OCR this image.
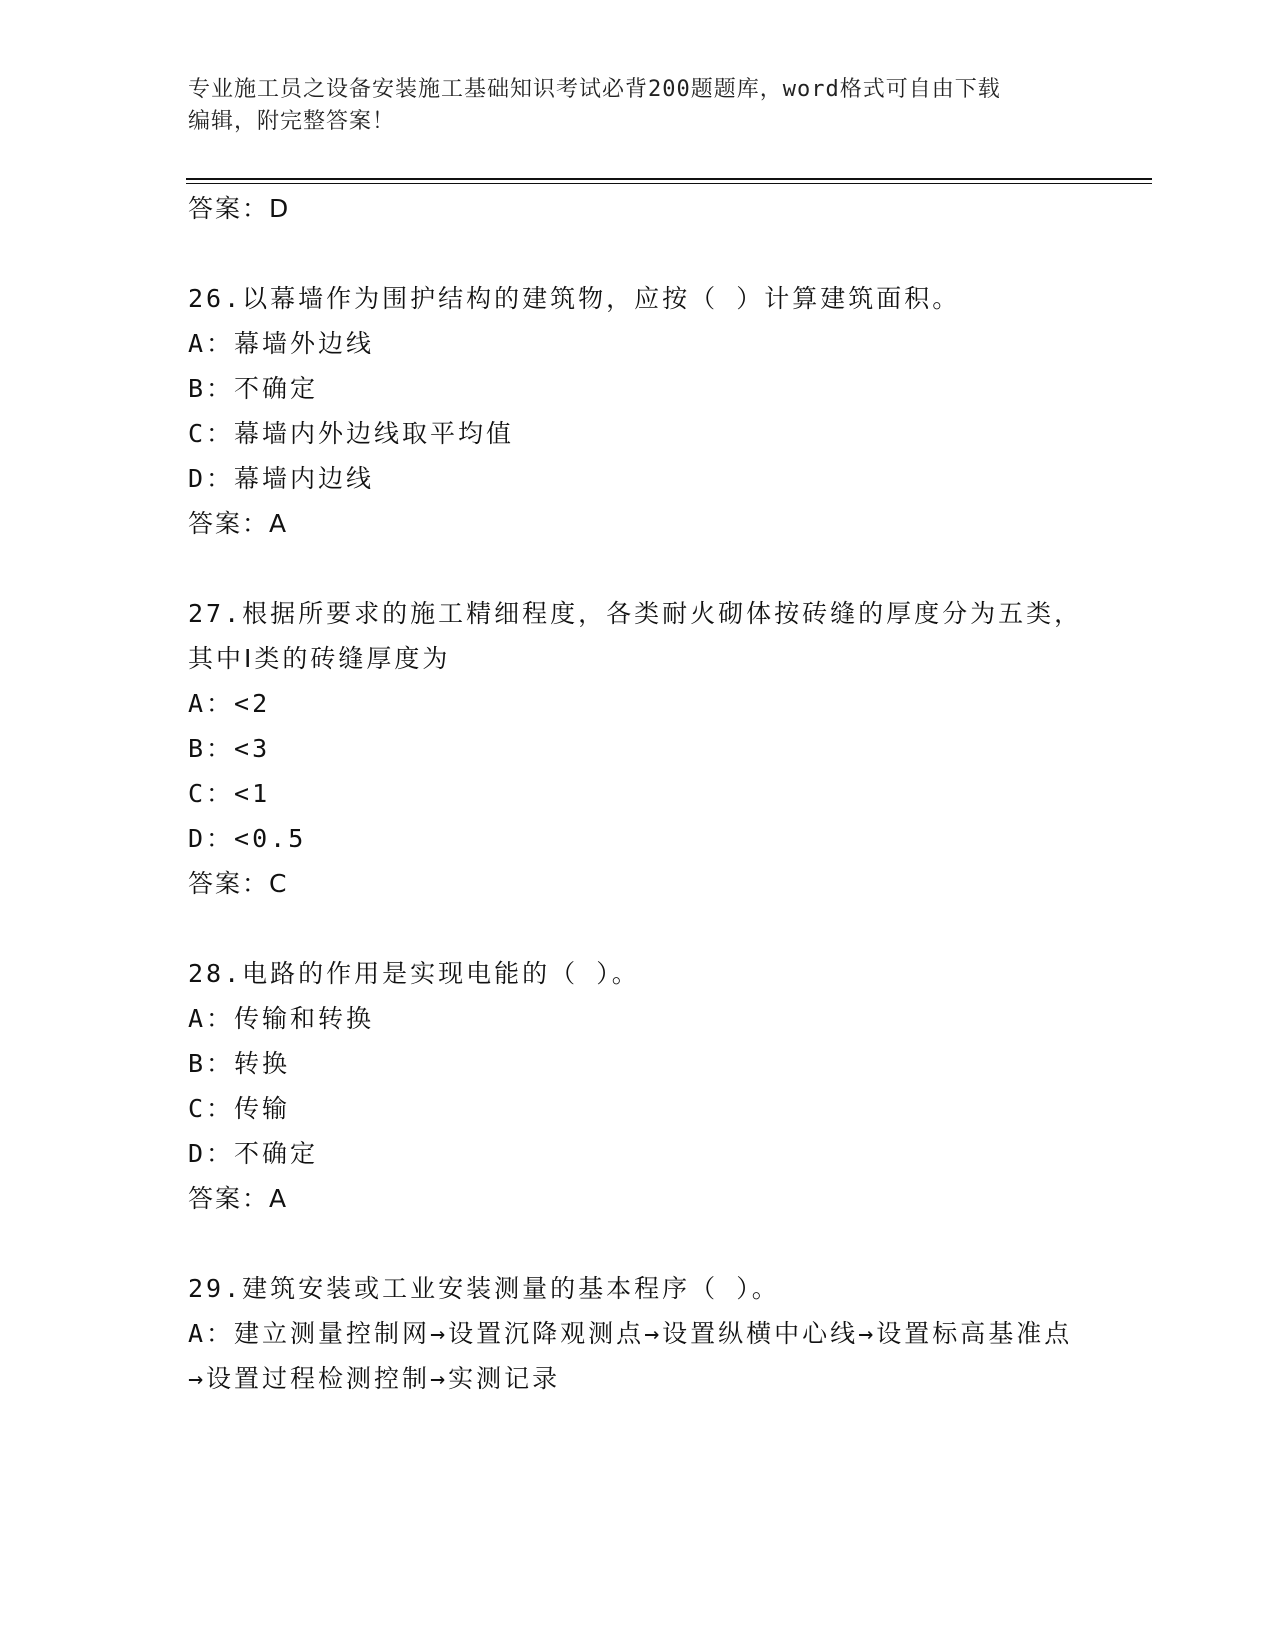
专业施工员之设备安装施工基础知识考试必背200题题库，word格式可自由下载
编辑，附完整答案！

答案：D

26.以幕墙作为围护结构的建筑物，应按（ ）计算建筑面积。

A：幕墙外边线

B：不确定

C：幕墙内外边线取平均值

D：幕墙内边线

答案：A

27.根据所要求的施工精细程度，各类耐火砌体按砖缝的厚度分为五类，其中Ⅰ类的砖缝厚度为

A：<2

B：<3

C：<1

D：<0.5

答案：C

28.电路的作用是实现电能的（ ）。

A：传输和转换

B：转换

C：传输

D：不确定

答案：A

29.建筑安装或工业安装测量的基本程序（ ）。

A：建立测量控制网→设置沉降观测点→设置纵横中心线→设置标高基准点→设置过程检测控制→实测记录
